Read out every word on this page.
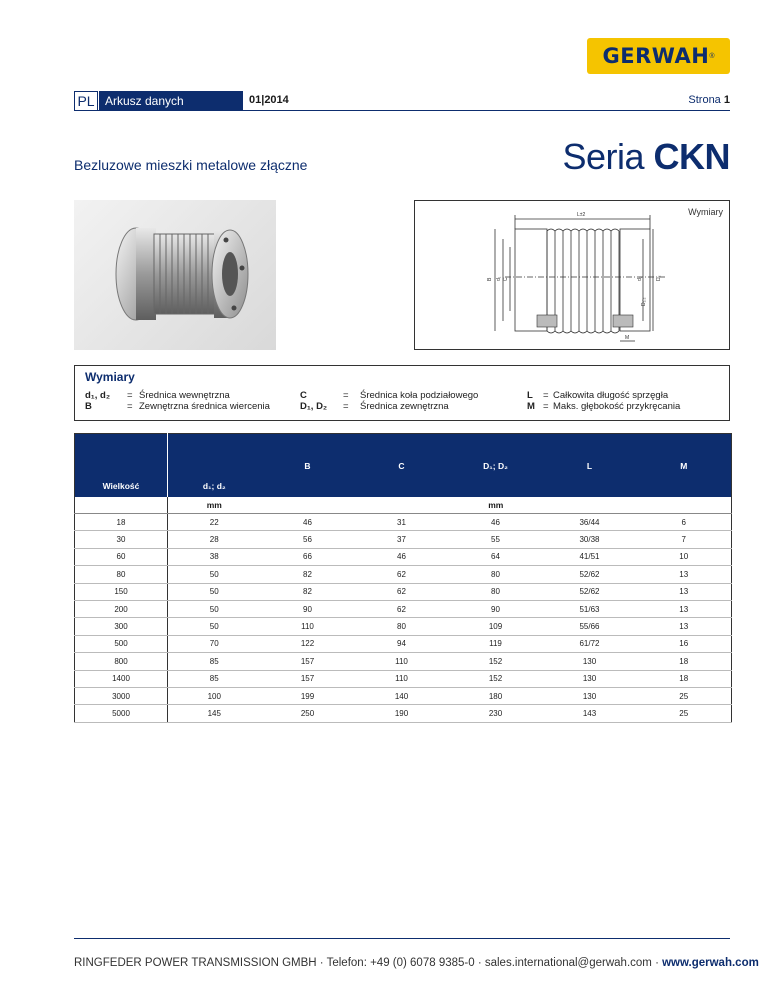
GERWAH ®
PL Arkusz danych	01|2014	Strona 1
Seria CKN
Bezluzowe mieszki metalowe złączne
Wymiary
L±2
M
B d₁ C	d₂	D₂
D₁;₂
Wymiary
d₁, d₂ = Średnica wewnętrzna
B	= Zewnętrzna średnica wiercenia
C	= Średnica koła podziałowego
D₁, D₂ = Średnica zewnętrzna
L = Całkowita długość sprzęgła
M = Maks. głębokość przykręcania
Wielkość	d₁; d₂	B	C	D₁; D₂	L	M
	mm	mm				
18	22	46	31	46	36/44	6
30	28	56	37	55	30/38	7
60	38	66	46	64	41/51	10
80	50	82	62	80	52/62	13
150	50	82	62	80	52/62	13
200	50	90	62	90	51/63	13
300	50	110	80	109	55/66	13
500	70	122	94	119	61/72	16
800	85	157	110	152	130	18
1400	85	157	110	152	130	18
3000	100	199	140	180	130	25
5000	145	250	190	230	143	25
RINGFEDER POWER TRANSMISSION GMBH · Telefon: +49 (0) 6078 9385-0 · sales.international@gerwah.com · www.gerwah.com
